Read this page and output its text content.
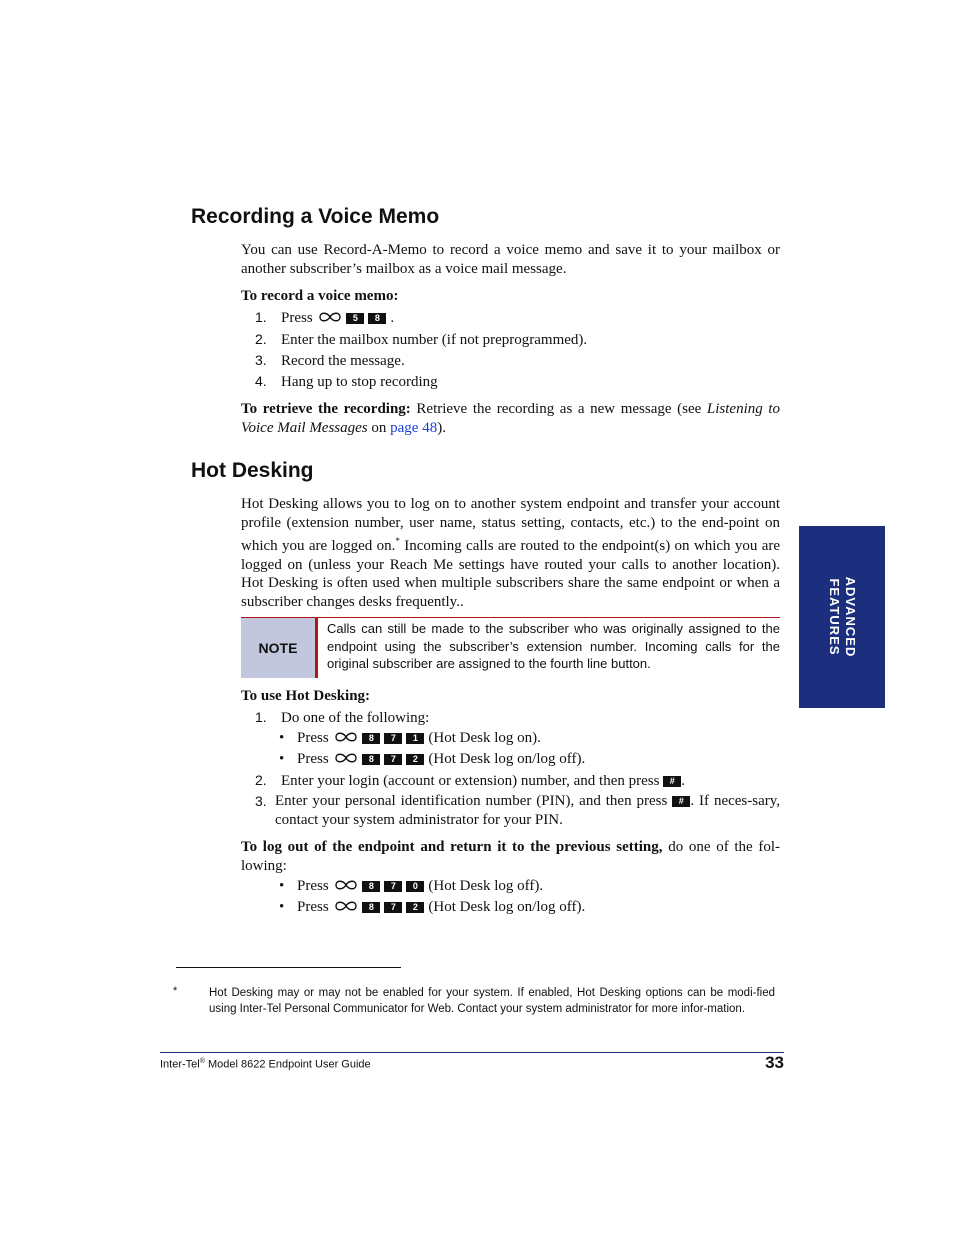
Recording a Voice Memo
You can use Record-A-Memo to record a voice memo and save it to your mailbox or another subscriber’s mailbox as a voice mail message.
To record a voice memo:
1. Press	5 8 .
2. Enter the mailbox number (if not preprogrammed).
3. Record the message.
4. Hang up to stop recording
To retrieve the recording: Retrieve the recording as a new message (see Listening to Voice Mail Messages on page 48).
Hot Desking
Hot Desking allows you to log on to another system endpoint and transfer your account profile (extension number, user name, status setting, contacts, etc.) to the end-point on which you are logged on.* Incoming calls are routed to the endpoint(s) on which you are logged on (unless your Reach Me settings have routed your calls to another location). Hot Desking is often used when multiple subscribers share the same endpoint or when a subscriber changes desks frequently..
NOTE
Calls can still be made to the subscriber who was originally assigned to the endpoint using the subscriber’s extension number. Incoming calls for the original subscriber are assigned to the fourth line button.
To use Hot Desking:
1. Do one of the following:
• Press	8 7 1 (Hot Desk log on).
• Press	8 7 2 (Hot Desk log on/log off).
2. Enter your login (account or extension) number, and then press # .
3. Enter your personal identification number (PIN), and then press # . If neces-sary, contact your system administrator for your PIN.
To log out of the endpoint and return it to the previous setting, do one of the fol-lowing:
• Press	8 7 0 (Hot Desk log off).
• Press	8 7 2 (Hot Desk log on/log off).
ADVANCED
FEATURES
*	Hot Desking may or may not be enabled for your system. If enabled, Hot Desking options can be modi-fied using Inter-Tel Personal Communicator for Web. Contact your system administrator for more infor-mation.
Inter-Tel® Model 8622 Endpoint User Guide	33
